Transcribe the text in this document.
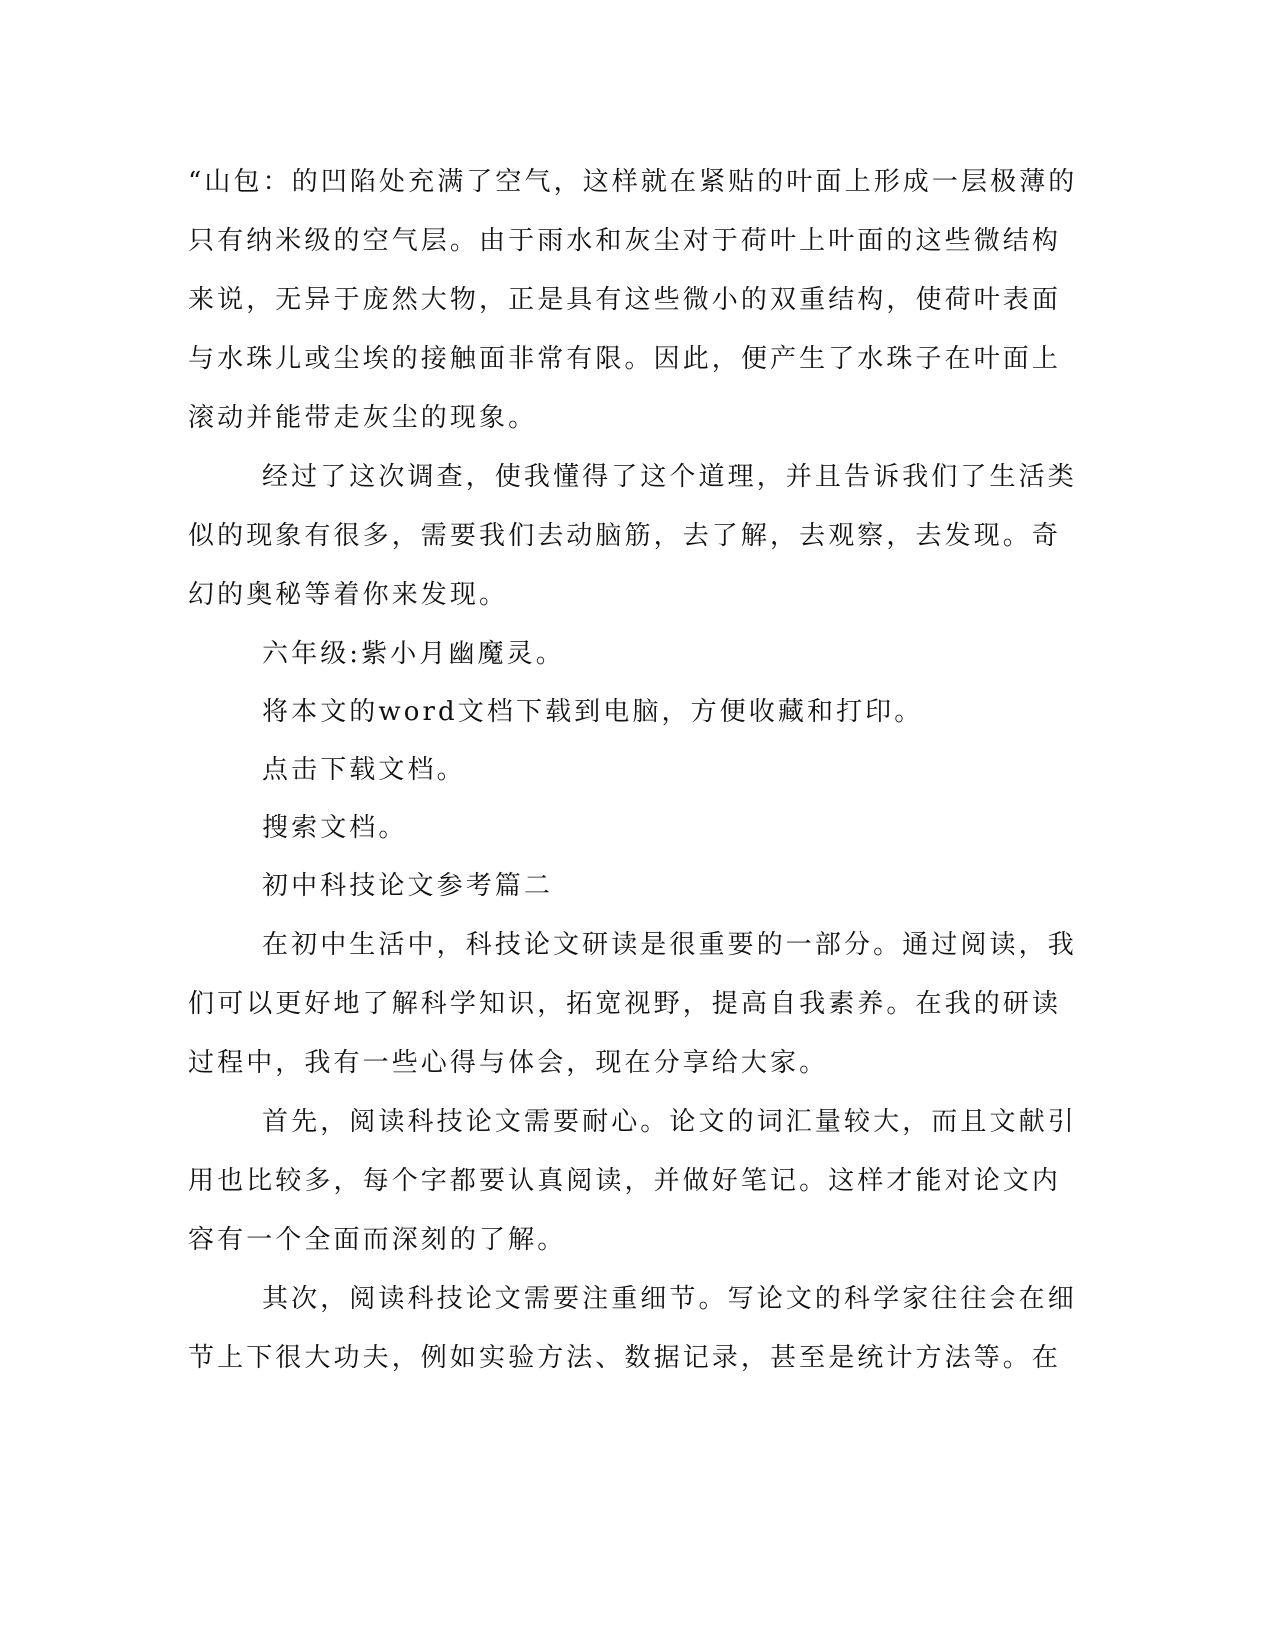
“山包：的凹陷处充满了空气，这样就在紧贴的叶面上形成一层极薄的
只有纳米级的空气层。由于雨水和灰尘对于荷叶上叶面的这些微结构
来说，无异于庞然大物，正是具有这些微小的双重结构，使荷叶表面
与水珠儿或尘埃的接触面非常有限。因此，便产生了水珠子在叶面上
滚动并能带走灰尘的现象。
经过了这次调查，使我懂得了这个道理，并且告诉我们了生活类
似的现象有很多，需要我们去动脑筋，去了解，去观察，去发现。奇
幻的奥秘等着你来发现。
六年级:紫小月幽魔灵。
将本文的word文档下载到电脑，方便收藏和打印。
点击下载文档。
搜索文档。
初中科技论文参考篇二
在初中生活中，科技论文研读是很重要的一部分。通过阅读，我
们可以更好地了解科学知识，拓宽视野，提高自我素养。在我的研读
过程中，我有一些心得与体会，现在分享给大家。
首先，阅读科技论文需要耐心。论文的词汇量较大，而且文献引
用也比较多，每个字都要认真阅读，并做好笔记。这样才能对论文内
容有一个全面而深刻的了解。
其次，阅读科技论文需要注重细节。写论文的科学家往往会在细
节上下很大功夫，例如实验方法、数据记录，甚至是统计方法等。在
